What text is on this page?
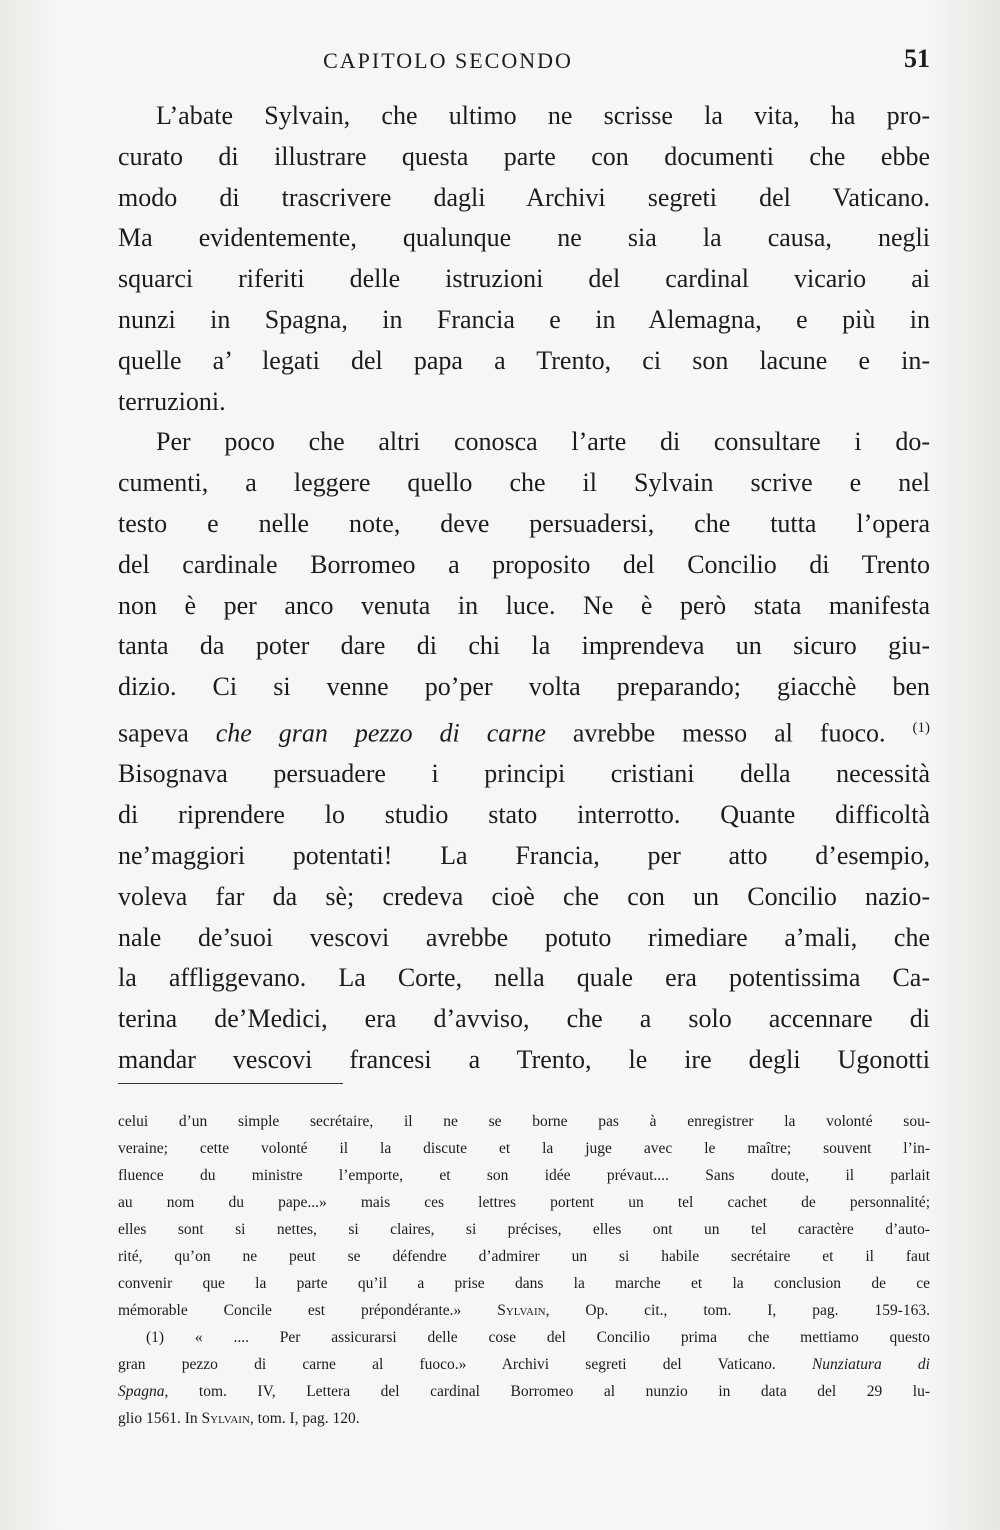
CAPITOLO SECONDO	51
L’abate Sylvain, che ultimo ne scrisse la vita, ha pro-
curato di illustrare questa parte con documenti che ebbe
modo di trascrivere dagli Archivi segreti del Vaticano.
Ma evidentemente, qualunque ne sia la causa, negli
squarci riferiti delle istruzioni del cardinal vicario ai
nunzi in Spagna, in Francia e in Alemagna, e più in
quelle a’ legati del papa a Trento, ci son lacune e in-
terruzioni.
Per poco che altri conosca l’arte di consultare i do-
cumenti, a leggere quello che il Sylvain scrive e nel
testo e nelle note, deve persuadersi, che tutta l’opera
del cardinale Borromeo a proposito del Concilio di Trento
non è per anco venuta in luce. Ne è però stata manifesta
tanta da poter dare di chi la imprendeva un sicuro giu-
dizio. Ci si venne po’per volta preparando; giacchè ben
sapeva che gran pezzo di carne avrebbe messo al fuoco. $^{(1)}$
Bisognava persuadere i principi cristiani della necessità
di riprendere lo studio stato interrotto. Quante difficoltà
ne’maggiori potentati! La Francia, per atto d’esempio,
voleva far da sè; credeva cioè che con un Concilio nazio-
nale de’suoi vescovi avrebbe potuto rimediare a’mali, che
la affliggevano. La Corte, nella quale era potentissima Ca-
terina de’Medici, era d’avviso, che a solo accennare di
mandar vescovi francesi a Trento, le ire degli Ugonotti
celui d’un simple secrétaire, il ne se borne pas à enregistrer la volonté sou-
veraine; cette volonté il la discute et la juge avec le maître; souvent l’in-
fluence du ministre l’emporte, et son idée prévaut.... Sans doute, il parlait
au nom du pape...» mais ces lettres portent un tel cachet de personnalité;
elles sont si nettes, si claires, si précises, elles ont un tel caractère d’auto-
rité, qu’on ne peut se défendre d’admirer un si habile secrétaire et il faut
convenir que la parte qu’il a prise dans la marche et la conclusion de ce
mémorable Concile est prépondérante.» Sylvain, Op. cit., tom. I, pag. 159-163.
(1) « .... Per assicurarsi delle cose del Concilio prima che mettiamo questo
gran pezzo di carne al fuoco.» Archivi segreti del Vaticano. Nunziatura di
Spagna, tom. IV, Lettera del cardinal Borromeo al nunzio in data del 29 lu-
glio 1561. In Sylvain, tom. I, pag. 120.
